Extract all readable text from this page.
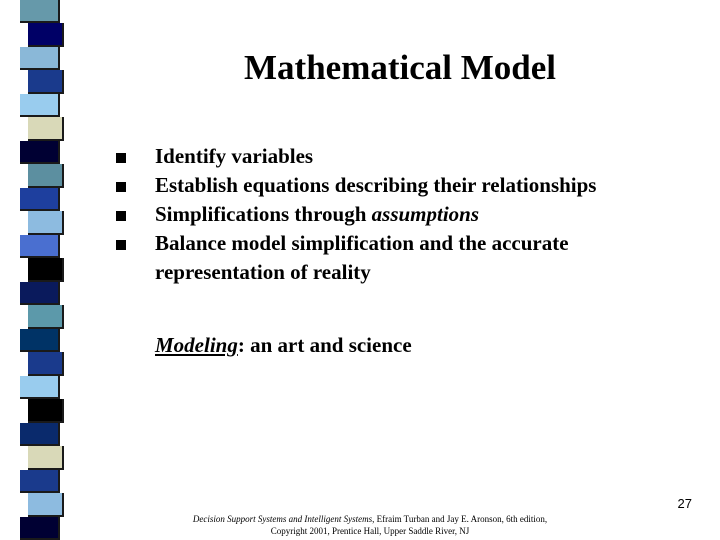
Mathematical Model
Identify variables
Establish equations describing their relationships
Simplifications through assumptions
Balance model simplification and the accurate representation of reality
Modeling: an art and science
27
Decision Support Systems and Intelligent Systems, Efraim Turban and Jay E. Aronson, 6th edition,
Copyright 2001, Prentice Hall, Upper Saddle River, NJ
